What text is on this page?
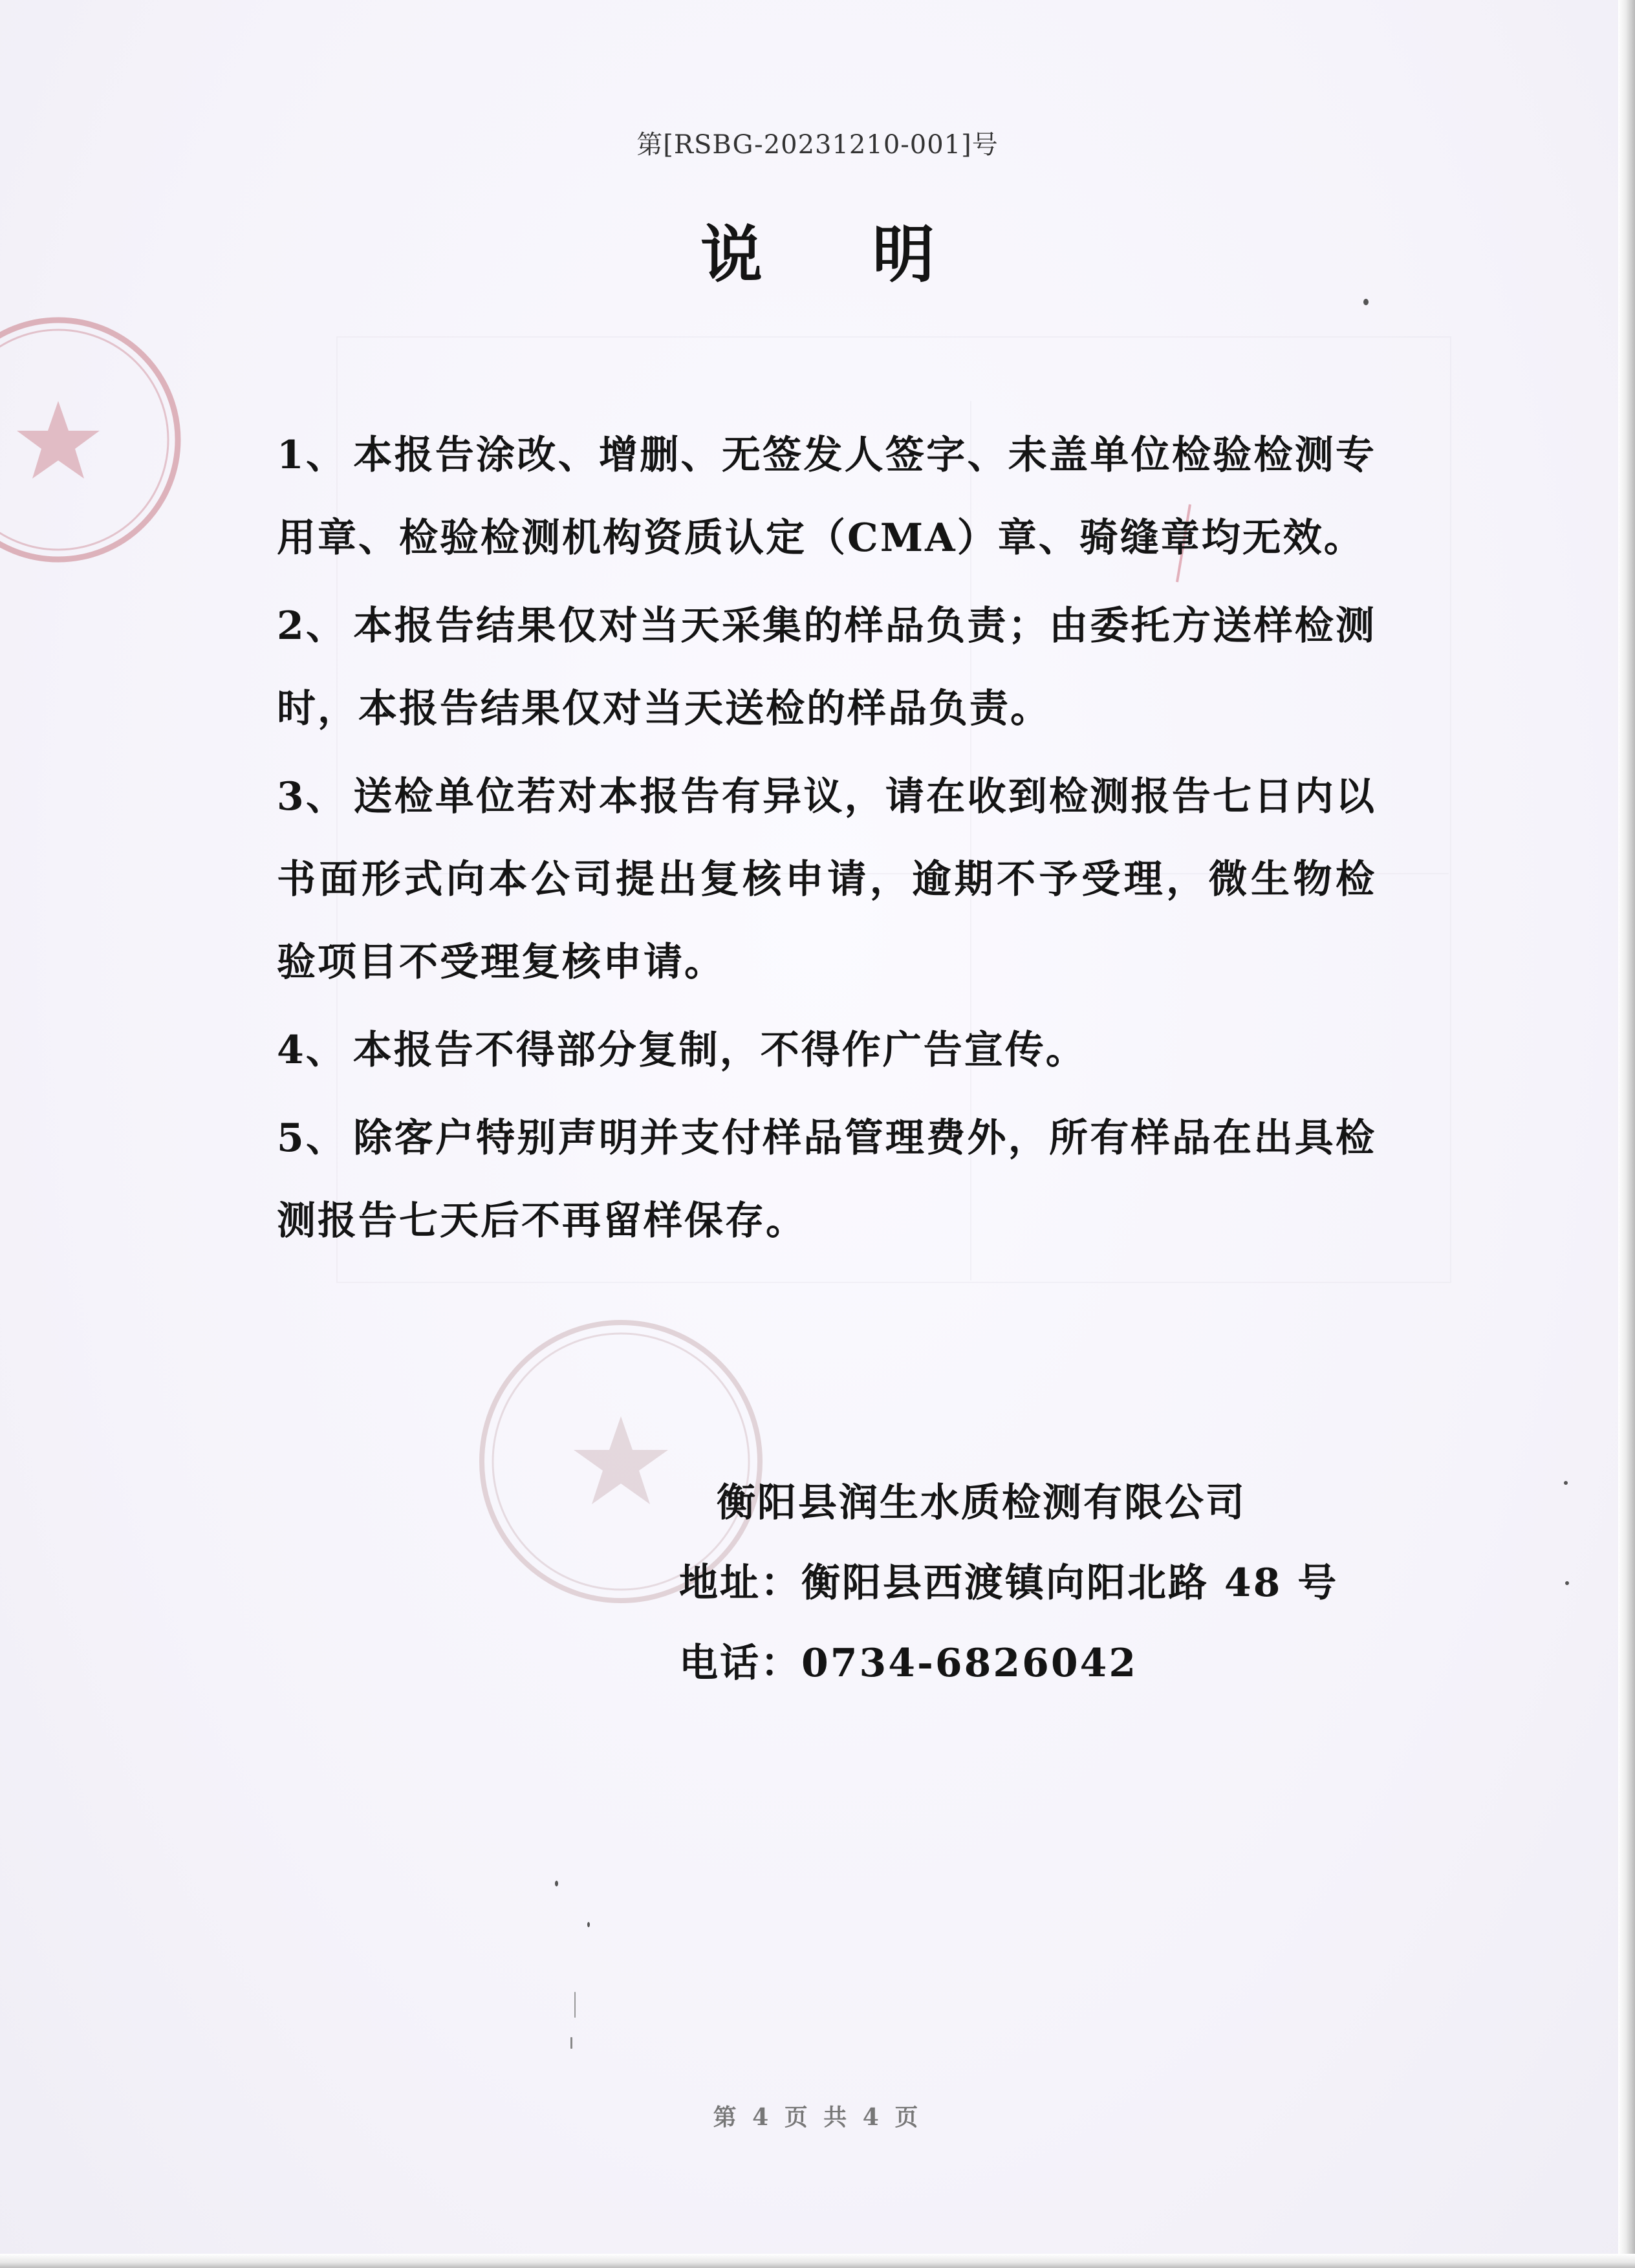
第[RSBG-20231210-001]号
说明
1、 本报告涂改、增删、无签发人签字、未盖单位检验检测专用章、检验检测机构资质认定（CMA）章、骑缝章均无效。
2、 本报告结果仅对当天采集的样品负责；由委托方送样检测时，本报告结果仅对当天送检的样品负责。
3、 送检单位若对本报告有异议，请在收到检测报告七日内以书面形式向本公司提出复核申请，逾期不予受理，微生物检验项目不受理复核申请。
4、 本报告不得部分复制，不得作广告宣传。
5、 除客户特别声明并支付样品管理费外，所有样品在出具检测报告七天后不再留样保存。
衡阳县润生水质检测有限公司
地址：衡阳县西渡镇向阳北路 48 号
电话：0734-6826042
第 4 页 共 4 页
